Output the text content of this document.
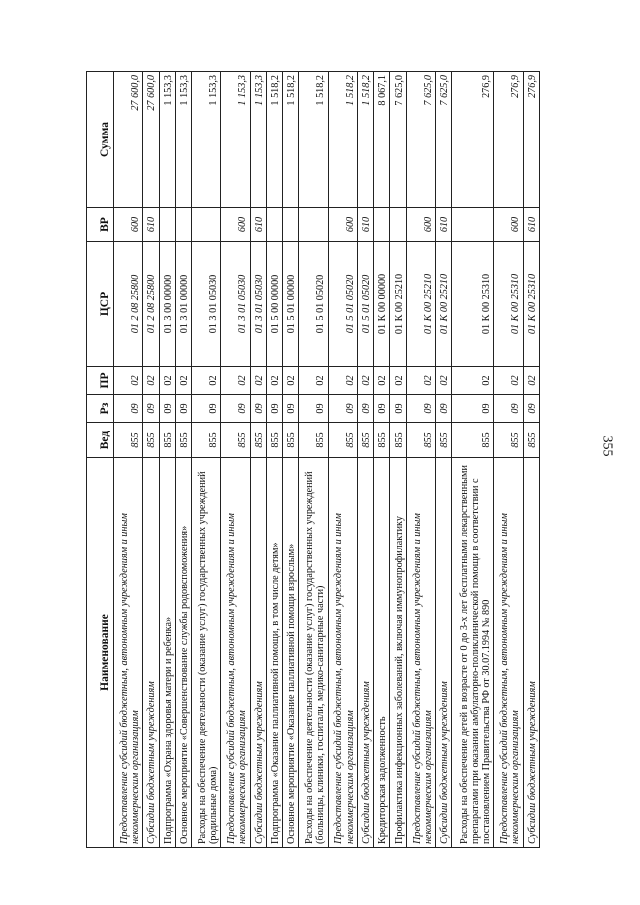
355
Наименование	Вед	Рз	ПР	ЦСР	ВР	Сумма
Предоставление субсидий бюджетным, автономным учреждениям и иным некоммерческим организациям	855	09	02	01 2 08 25800	600	27 600,0
Субсидии бюджетным учреждениям	855	09	02	01 2 08 25800	610	27 600,0
Подпрограмма «Охрана здоровья матери и ребенка»	855	09	02	01 3 00 00000		1 153,3
Основное мероприятие «Совершенствование службы родовспоможения»	855	09	02	01 3 01 00000		1 153,3
Расходы на обеспечение деятельности (оказание услуг) государственных учреждений (родильные дома)	855	09	02	01 3 01 05030		1 153,3
Предоставление субсидий бюджетным, автономным учреждениям и иным некоммерческим организациям	855	09	02	01 3 01 05030	600	1 153,3
Субсидии бюджетным учреждениям	855	09	02	01 3 01 05030	610	1 153,3
Подпрограмма «Оказание паллиативной помощи, в том числе детям»	855	09	02	01 5 00 00000		1 518,2
Основное мероприятие «Оказание паллиативной помощи взрослым»	855	09	02	01 5 01 00000		1 518,2
Расходы на обеспечение деятельности (оказание услуг) государственных учреждений (больницы, клиники, госпитали, медико-санитарные части)	855	09	02	01 5 01 05020		1 518,2
Предоставление субсидий бюджетным, автономным учреждениям и иным некоммерческим организациям	855	09	02	01 5 01 05020	600	1 518,2
Субсидии бюджетным учреждениям	855	09	02	01 5 01 05020	610	1 518,2
Кредиторская задолженность	855	09	02	01 К 00 00000		8 067,1
Профилактика инфекционных заболеваний, включая иммунопрофилактику	855	09	02	01 К 00 25210		7 625,0
Предоставление субсидий бюджетным, автономным учреждениям и иным некоммерческим организациям	855	09	02	01 К 00 25210	600	7 625,0
Субсидии бюджетным учреждениям	855	09	02	01 К 00 25210	610	7 625,0
Расходы на обеспечение детей в возрасте от 0 до 3-х лет бесплатными лекарственными препаратами при оказании амбулаторно-поликлинической помощи в соответствии с постановлением Правительства РФ от 30.07.1994 № 890	855	09	02	01 К 00 25310		276,9
Предоставление субсидий бюджетным, автономным учреждениям и иным некоммерческим организациям	855	09	02	01 К 00 25310	600	276,9
Субсидии бюджетным учреждениям	855	09	02	01 К 00 25310	610	276,9
